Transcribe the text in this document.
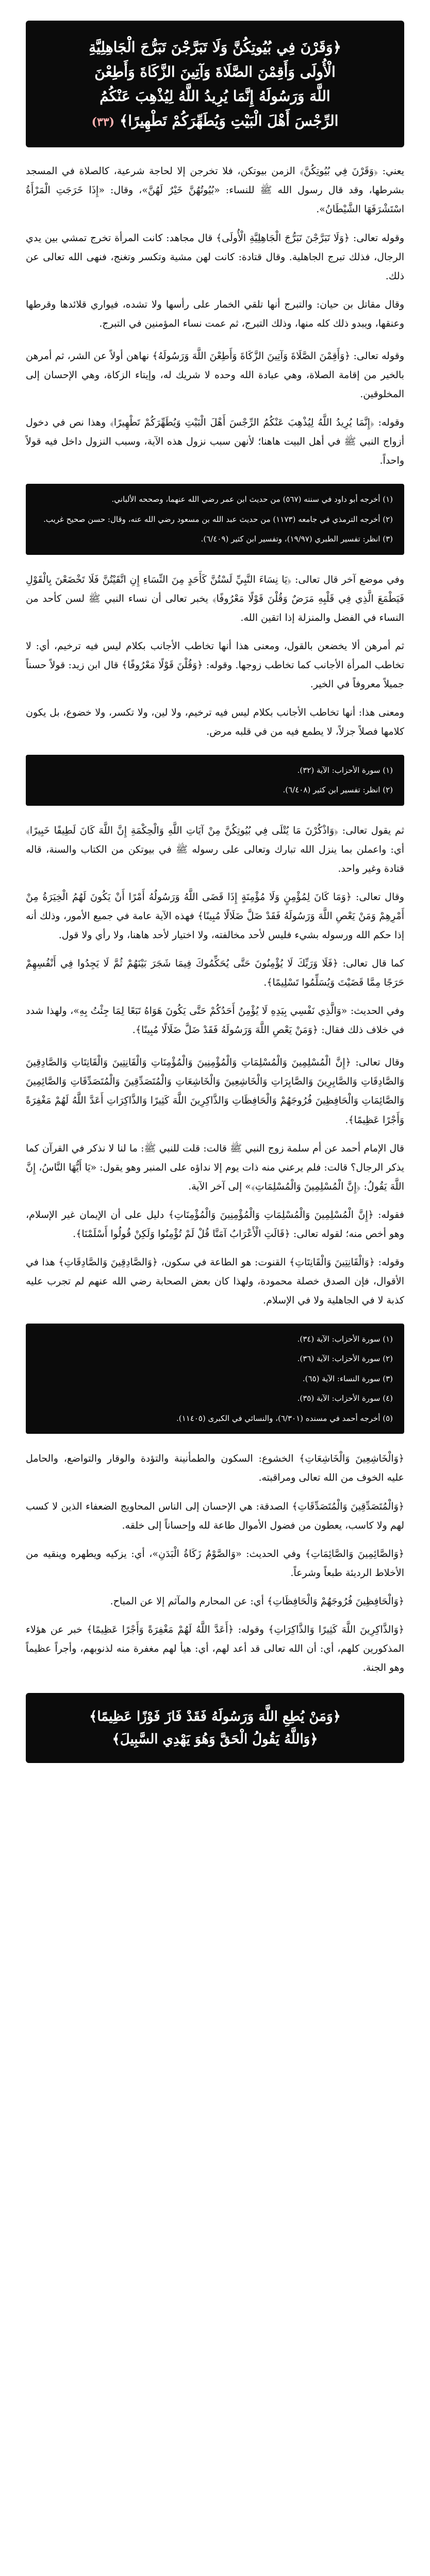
﴿وَقَرْنَ فِي بُيُوتِكُنَّ وَلَا تَبَرَّجْنَ تَبَرُّجَ الْجَاهِلِيَّةِ
الْأُولَى وَأَقِمْنَ الصَّلَاةَ وَآتِينَ الزَّكَاةَ وَأَطِعْنَ
اللَّهَ وَرَسُولَهُ إِنَّمَا يُرِيدُ اللَّهُ لِيُذْهِبَ عَنْكُمُ
الرِّجْسَ أَهْلَ الْبَيْتِ وَيُطَهِّرَكُمْ تَطْهِيرًا﴾ (٣٣)

يعني: ﴿وَقَرْنَ فِي بُيُوتِكُنَّ﴾ الزمن بيوتكن، فلا تخرجن إلا لحاجة شرعية، كالصلاة في المسجد بشرطها، وقد قال رسول الله ﷺ للنساء: «بُيُوتُهُنَّ خَيْرٌ لَهُنَّ»، وقال: «إِذَا خَرَجَتِ الْمَرْأَةُ اسْتَشْرَفَهَا الشَّيْطَانُ».

وقوله تعالى: ﴿وَلَا تَبَرَّجْنَ تَبَرُّجَ الْجَاهِلِيَّةِ الْأُولَى﴾ قال مجاهد: كانت المرأة تخرج تمشي بين يدي الرجال، فذلك تبرج الجاهلية. وقال قتادة: كانت لهن مشية وتكسر وتغنج، فنهى الله تعالى عن ذلك.

وقال مقاتل بن حيان: والتبرج أنها تلقي الخمار على رأسها ولا تشده، فيواري قلائدها وقرطها وعنقها، ويبدو ذلك كله منها، وذلك التبرج، ثم عمت نساء المؤمنين في التبرج.

وقوله تعالى: ﴿وَأَقِمْنَ الصَّلَاةَ وَآتِينَ الزَّكَاةَ وَأَطِعْنَ اللَّهَ وَرَسُولَهُ﴾ نهاهن أولاً عن الشر، ثم أمرهن بالخير من إقامة الصلاة، وهي عبادة الله وحده لا شريك له، وإيتاء الزكاة، وهي الإحسان إلى المخلوقين.

وقوله: ﴿إِنَّمَا يُرِيدُ اللَّهُ لِيُذْهِبَ عَنْكُمُ الرِّجْسَ أَهْلَ الْبَيْتِ وَيُطَهِّرَكُمْ تَطْهِيرًا﴾ وهذا نص في دخول أزواج النبي ﷺ في أهل البيت هاهنا؛ لأنهن سبب نزول هذه الآية، وسبب النزول داخل فيه قولاً واحداً.

(١) أخرجه أبو داود في سننه (٥٦٧) من حديث ابن عمر رضي الله عنهما، وصححه الألباني.

(٢) أخرجه الترمذي في جامعه (١١٧٣) من حديث عبد الله بن مسعود رضي الله عنه، وقال: حسن صحيح غريب.

(٣) انظر: تفسير الطبري (١٩/٩٧)، وتفسير ابن كثير (٦/٤٠٩).

وفي موضع آخر قال تعالى: ﴿يَا نِسَاءَ النَّبِيِّ لَسْتُنَّ كَأَحَدٍ مِنَ النِّسَاءِ إِنِ اتَّقَيْتُنَّ فَلَا تَخْضَعْنَ بِالْقَوْلِ فَيَطْمَعَ الَّذِي فِي قَلْبِهِ مَرَضٌ وَقُلْنَ قَوْلًا مَعْرُوفًا﴾ يخبر تعالى أن نساء النبي ﷺ لسن كأحد من النساء في الفضل والمنزلة إذا اتقين الله.

ثم أمرهن ألا يخضعن بالقول، ومعنى هذا أنها تخاطب الأجانب بكلام ليس فيه ترخيم، أي: لا تخاطب المرأة الأجانب كما تخاطب زوجها. وقوله: ﴿وَقُلْنَ قَوْلًا مَعْرُوفًا﴾ قال ابن زيد: قولاً حسناً جميلاً معروفاً في الخير.

ومعنى هذا: أنها تخاطب الأجانب بكلام ليس فيه ترخيم، ولا لين، ولا تكسر، ولا خضوع، بل يكون كلامها فصلاً جزلاً، لا يطمع فيه من في قلبه مرض.

(١) سورة الأحزاب: الآية (٣٢).

(٢) انظر: تفسير ابن كثير (٦/٤٠٨).

ثم يقول تعالى: ﴿وَاذْكُرْنَ مَا يُتْلَى فِي بُيُوتِكُنَّ مِنْ آيَاتِ اللَّهِ وَالْحِكْمَةِ إِنَّ اللَّهَ كَانَ لَطِيفًا خَبِيرًا﴾ أي: واعملن بما ينزل الله تبارك وتعالى على رسوله ﷺ في بيوتكن من الكتاب والسنة، قاله قتادة وغير واحد.

وقال تعالى: ﴿وَمَا كَانَ لِمُؤْمِنٍ وَلَا مُؤْمِنَةٍ إِذَا قَضَى اللَّهُ وَرَسُولُهُ أَمْرًا أَنْ يَكُونَ لَهُمُ الْخِيَرَةُ مِنْ أَمْرِهِمْ وَمَنْ يَعْصِ اللَّهَ وَرَسُولَهُ فَقَدْ ضَلَّ ضَلَالًا مُبِينًا﴾ فهذه الآية عامة في جميع الأمور، وذلك أنه إذا حكم الله ورسوله بشيء فليس لأحد مخالفته، ولا اختيار لأحد هاهنا، ولا رأي ولا قول.

كما قال تعالى: ﴿فَلَا وَرَبِّكَ لَا يُؤْمِنُونَ حَتَّى يُحَكِّمُوكَ فِيمَا شَجَرَ بَيْنَهُمْ ثُمَّ لَا يَجِدُوا فِي أَنْفُسِهِمْ حَرَجًا مِمَّا قَضَيْتَ وَيُسَلِّمُوا تَسْلِيمًا﴾.

وفي الحديث: «وَالَّذِي نَفْسِي بِيَدِهِ لَا يُؤْمِنُ أَحَدُكُمْ حَتَّى يَكُونَ هَوَاهُ تَبَعًا لِمَا جِئْتُ بِهِ»، ولهذا شدد في خلاف ذلك فقال: ﴿وَمَنْ يَعْصِ اللَّهَ وَرَسُولَهُ فَقَدْ ضَلَّ ضَلَالًا مُبِينًا﴾.

وقال تعالى: ﴿إِنَّ الْمُسْلِمِينَ وَالْمُسْلِمَاتِ وَالْمُؤْمِنِينَ وَالْمُؤْمِنَاتِ وَالْقَانِتِينَ وَالْقَانِتَاتِ وَالصَّادِقِينَ وَالصَّادِقَاتِ وَالصَّابِرِينَ وَالصَّابِرَاتِ وَالْخَاشِعِينَ وَالْخَاشِعَاتِ وَالْمُتَصَدِّقِينَ وَالْمُتَصَدِّقَاتِ وَالصَّائِمِينَ وَالصَّائِمَاتِ وَالْحَافِظِينَ فُرُوجَهُمْ وَالْحَافِظَاتِ وَالذَّاكِرِينَ اللَّهَ كَثِيرًا وَالذَّاكِرَاتِ أَعَدَّ اللَّهُ لَهُمْ مَغْفِرَةً وَأَجْرًا عَظِيمًا﴾.

قال الإمام أحمد عن أم سلمة زوج النبي ﷺ قالت: قلت للنبي ﷺ: ما لنا لا نذكر في القرآن كما يذكر الرجال؟ قالت: فلم يرعني منه ذات يوم إلا نداؤه على المنبر وهو يقول: «يَا أَيُّهَا النَّاسُ، إِنَّ اللَّهَ يَقُولُ: ﴿إِنَّ الْمُسْلِمِينَ وَالْمُسْلِمَاتِ﴾» إلى آخر الآية.

فقوله: ﴿إِنَّ الْمُسْلِمِينَ وَالْمُسْلِمَاتِ وَالْمُؤْمِنِينَ وَالْمُؤْمِنَاتِ﴾ دليل على أن الإيمان غير الإسلام، وهو أخص منه؛ لقوله تعالى: ﴿قَالَتِ الْأَعْرَابُ آمَنَّا قُلْ لَمْ تُؤْمِنُوا وَلَكِنْ قُولُوا أَسْلَمْنَا﴾.

وقوله: ﴿وَالْقَانِتِينَ وَالْقَانِتَاتِ﴾ القنوت: هو الطاعة في سكون، ﴿وَالصَّادِقِينَ وَالصَّادِقَاتِ﴾ هذا في الأقوال، فإن الصدق خصلة محمودة، ولهذا كان بعض الصحابة رضي الله عنهم لم تجرب عليه كذبة لا في الجاهلية ولا في الإسلام.

(١) سورة الأحزاب: الآية (٣٤).

(٢) سورة الأحزاب: الآية (٣٦).

(٣) سورة النساء: الآية (٦٥).

(٤) سورة الأحزاب: الآية (٣٥).

(٥) أخرجه أحمد في مسنده (٦/٣٠١)، والنسائي في الكبرى (١١٤٠٥).

﴿وَالْخَاشِعِينَ وَالْخَاشِعَاتِ﴾ الخشوع: السكون والطمأنينة والتؤدة والوقار والتواضع، والحامل عليه الخوف من الله تعالى ومراقبته.

﴿وَالْمُتَصَدِّقِينَ وَالْمُتَصَدِّقَاتِ﴾ الصدقة: هي الإحسان إلى الناس المحاويج الضعفاء الذين لا كسب لهم ولا كاسب، يعطون من فضول الأموال طاعة لله وإحساناً إلى خلقه.

﴿وَالصَّائِمِينَ وَالصَّائِمَاتِ﴾ وفي الحديث: «وَالصَّوْمُ زَكَاةُ الْبَدَنِ»، أي: يزكيه ويطهره وينقيه من الأخلاط الرديئة طبعاً وشرعاً.

﴿وَالْحَافِظِينَ فُرُوجَهُمْ وَالْحَافِظَاتِ﴾ أي: عن المحارم والمآثم إلا عن المباح.

﴿وَالذَّاكِرِينَ اللَّهَ كَثِيرًا وَالذَّاكِرَاتِ﴾ وقوله: ﴿أَعَدَّ اللَّهُ لَهُمْ مَغْفِرَةً وَأَجْرًا عَظِيمًا﴾ خبر عن هؤلاء المذكورين كلهم، أي: أن الله تعالى قد أعد لهم، أي: هيأ لهم مغفرة منه لذنوبهم، وأجراً عظيماً وهو الجنة.

﴿وَمَنْ يُطِعِ اللَّهَ وَرَسُولَهُ فَقَدْ فَازَ فَوْزًا عَظِيمًا﴾
﴿وَاللَّهُ يَقُولُ الْحَقَّ وَهُوَ يَهْدِي السَّبِيلَ﴾
